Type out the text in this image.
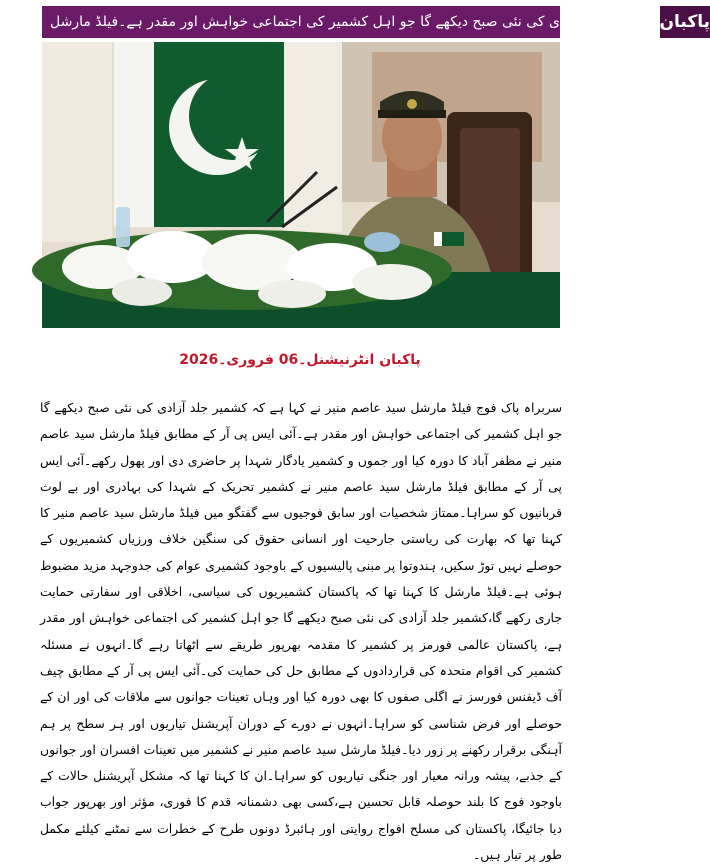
کشمیر جلد آزادی کی نئی صبح دیکھے گا جو اہل کشمیر کی اجتماعی خواہش اور مقدر ہے۔فیلڈ مارشل پاکبان
پاکبان انٹرنیشنل۔06 فروری۔2026

سربراہ پاک فوج فیلڈ مارشل سید عاصم منیر نے کہا ہے کہ کشمیر جلد آزادی کی نئی صبح دیکھے گا جو اہل کشمیر کی اجتماعی خواہش اور مقدر ہے۔آئی ایس پی آر کے مطابق فیلڈ مارشل سید عاصم منیر نے مظفر آباد کا دورہ کیا اور جموں و کشمیر یادگار شہدا پر حاضری دی اور پھول رکھے۔آئی ایس پی آر کے مطابق فیلڈ مارشل سید عاصم منیر نے کشمیر تحریک کے شہدا کی بہادری اور بے لوث قربانیوں کو سراہا۔ممتاز شخصیات اور سابق فوجیوں سے گفتگو میں فیلڈ مارشل سید عاصم منیر کا کہنا تھا کہ بھارت کی ریاستی جارحیت اور انسانی حقوق کی سنگین خلاف ورزیاں کشمیریوں کے حوصلے نہیں توڑ سکیں، ہندوتوا پر مبنی پالیسیوں کے باوجود کشمیری عوام کی جدوجہد مزید مضبوط ہوئی ہے۔فیلڈ مارشل کا کہنا تھا کہ پاکستان کشمیریوں کی سیاسی، اخلاقی اور سفارتی حمایت جاری رکھے گا،کشمیر جلد آزادی کی نئی صبح دیکھے گا جو اہل کشمیر کی اجتماعی خواہش اور مقدر ہے، پاکستان عالمی فورمز پر کشمیر کا مقدمہ بھرپور طریقے سے اٹھاتا رہے گا۔انہوں نے مسئلہ کشمیر کی اقوام متحدہ کی قراردادوں کے مطابق حل کی حمایت کی۔آئی ایس پی آر کے مطابق چیف آف ڈیفنس فورسز نے اگلی صفوں کا بھی دورہ کیا اور وہاں تعینات جوانوں سے ملاقات کی اور ان کے حوصلے اور فرض شناسی کو سراہا۔انہوں نے دورے کے دوران آپریشنل تیاریوں اور ہر سطح پر ہم آہنگی برقرار رکھنے پر زور دیا۔فیلڈ مارشل سید عاصم منیر نے کشمیر میں تعینات افسران اور جوانوں کے جذبے، پیشہ ورانہ معیار اور جنگی تیاریوں کو سراہا۔ان کا کہنا تھا کہ مشکل آپریشنل حالات کے باوجود فوج کا بلند حوصلہ قابل تحسین ہے،کسی بھی دشمنانہ قدم کا فوری، مؤثر اور بھرپور جواب دیا جائیگا، پاکستان کی مسلح افواج روایتی اور ہائبرڈ دونوں طرح کے خطرات سے نمٹنے کیلئے مکمل طور پر تیار ہیں۔
